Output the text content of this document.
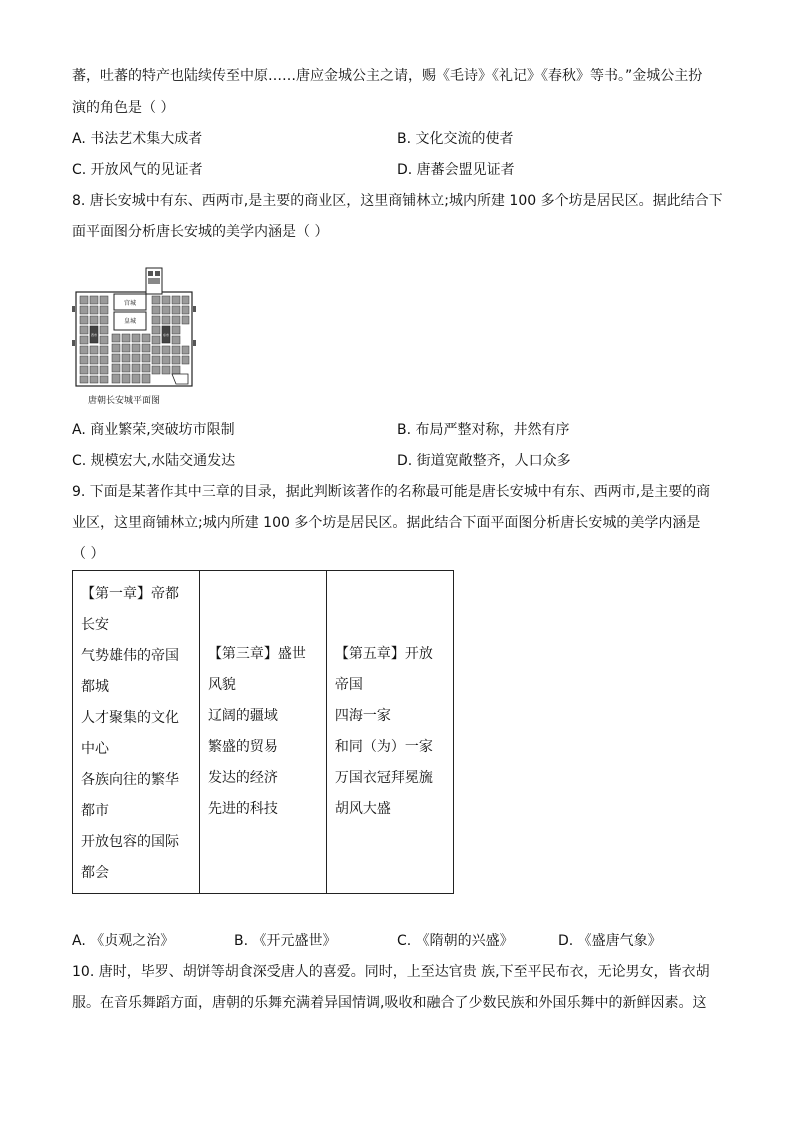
蕃，吐蕃的特产也陆续传至中原……唐应金城公主之请，赐《毛诗》《礼记》《春秋》等书。”金城公主扮
演的角色是（ ）
A. 书法艺术集大成者	B. 文化交流的使者
C. 开放风气的见证者	D. 唐蕃会盟见证者
8. 唐长安城中有东、西两市,是主要的商业区，这里商铺林立;城内所建 100 多个坊是居民区。据此结合下
面平面图分析唐长安城的美学内涵是（ ）
宫城
皇城
西市	东市
唐朝长安城平面图
A. 商业繁荣,突破坊市限制	B. 布局严整对称，井然有序
C. 规模宏大,水陆交通发达	D. 街道宽敞整齐，人口众多
9. 下面是某著作其中三章的目录，据此判断该著作的名称最可能是唐长安城中有东、西两市,是主要的商
业区，这里商铺林立;城内所建 100 多个坊是居民区。据此结合下面平面图分析唐长安城的美学内涵是
（ ）
【第一章】帝都
长安
气势雄伟的帝国
都城
人才聚集的文化
中心
各族向往的繁华
都市
开放包容的国际
都会

【第三章】盛世
风貌
辽阔的疆域
繁盛的贸易
发达的经济
先进的科技

【第五章】开放
帝国
四海一家
和同（为）一家
万国衣冠拜冕旒
胡风大盛
A. 《贞观之治》	B. 《开元盛世》	C. 《隋朝的兴盛》	D. 《盛唐气象》
10. 唐时，毕罗、胡饼等胡食深受唐人的喜爱。同时，上至达官贵 族,下至平民布衣，无论男女，皆衣胡
服。在音乐舞蹈方面，唐朝的乐舞充满着异国情调,吸收和融合了少数民族和外国乐舞中的新鲜因素。这
